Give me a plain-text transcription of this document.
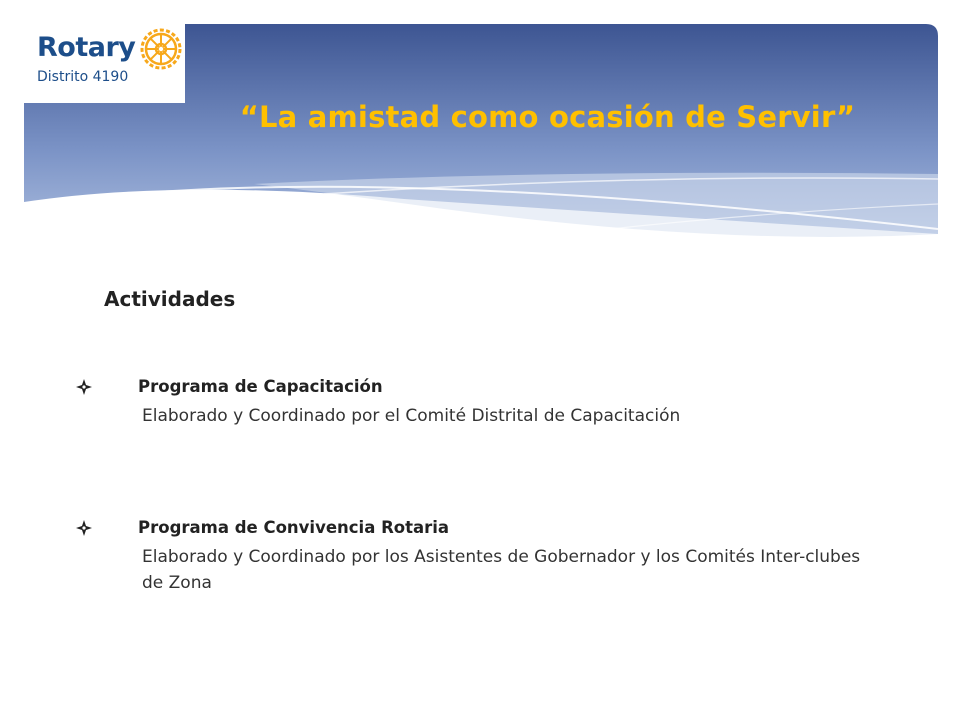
Rotary
Distrito 4190
“La amistad como ocasión de Servir”
Actividades
Programa de Capacitación
Elaborado y Coordinado por el Comité Distrital de Capacitación
Programa de Convivencia Rotaria
Elaborado y Coordinado por los Asistentes de Gobernador y los Comités Inter-clubes de Zona
